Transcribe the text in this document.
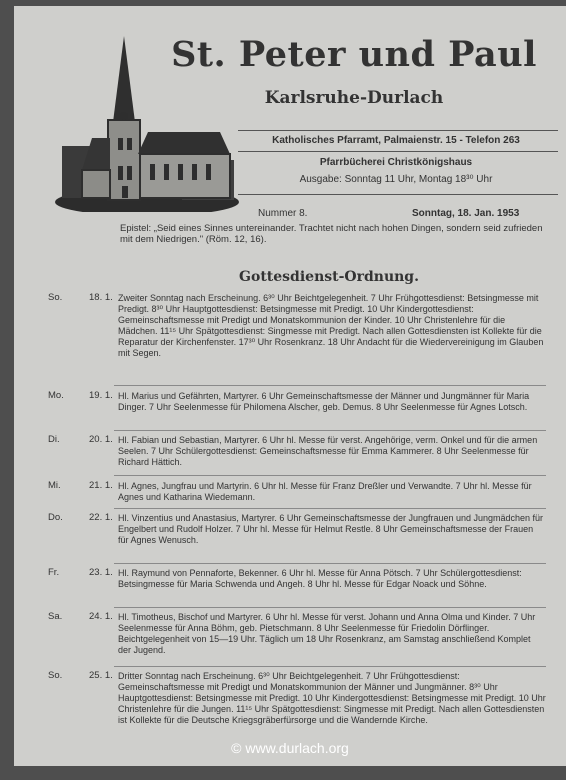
St. Peter und Paul
Karlsruhe-Durlach
Katholisches Pfarramt, Palmaienstr. 15 - Telefon 263
Pfarrbücherei Christkönigshaus
Ausgabe: Sonntag 11 Uhr, Montag 18³⁰ Uhr
Nummer 8.	Sonntag, 18. Jan. 1953
Epistel: „Seid eines Sinnes untereinander. Trachtet nicht nach hohen Dingen, sondern seid zufrieden mit dem Niedrigen." (Röm. 12, 16).
Gottesdienst-Ordnung.
So.	18. 1. Zweiter Sonntag nach Erscheinung. 6³⁰ Uhr Beichtgelegenheit. 7 Uhr Frühgottesdienst: Betsingmesse mit Predigt. 8³⁰ Uhr Hauptgottesdienst: Betsingmesse mit Predigt. 10 Uhr Kindergottesdienst: Gemeinschaftsmesse mit Predigt und Monatskommunion der Kinder. 10 Uhr Christenlehre für die Mädchen. 11¹⁵ Uhr Spätgottesdienst: Singmesse mit Predigt. Nach allen Gottesdiensten ist Kollekte für die Reparatur der Kirchenfenster. 17³⁰ Uhr Rosenkranz. 18 Uhr Andacht für die Wiedervereinigung im Glauben mit Segen.
Mo.	19. 1. Hl. Marius und Gefährten, Martyrer. 6 Uhr Gemeinschaftsmesse der Männer und Jungmänner für Maria Dinger. 7 Uhr Seelenmesse für Philomena Alscher, geb. Demus. 8 Uhr Seelenmesse für Agnes Lotsch.
Di.	20. 1. Hl. Fabian und Sebastian, Martyrer. 6 Uhr hl. Messe für verst. Angehörige, verm. Onkel und für die armen Seelen. 7 Uhr Schülergottesdienst: Gemeinschaftsmesse für Emma Kammerer. 8 Uhr Seelenmesse für Richard Hättich.
Mi.	21. 1. Hl. Agnes, Jungfrau und Martyrin. 6 Uhr hl. Messe für Franz Dreßler und Verwandte. 7 Uhr hl. Messe für Agnes und Katharina Wiedemann.
Do.	22. 1. Hl. Vinzentius und Anastasius, Martyrer. 6 Uhr Gemeinschaftsmesse der Jungfrauen und Jungmädchen für Engelbert und Rudolf Holzer. 7 Uhr hl. Messe für Helmut Restle. 8 Uhr Gemeinschaftsmesse der Frauen für Agnes Wenusch.
Fr.	23. 1. Hl. Raymund von Pennaforte, Bekenner. 6 Uhr hl. Messe für Anna Pötsch. 7 Uhr Schülergottesdienst: Betsingmesse für Maria Schwenda und Angeh. 8 Uhr hl. Messe für Edgar Noack und Söhne.
Sa.	24. 1. Hl. Timotheus, Bischof und Martyrer. 6 Uhr hl. Messe für verst. Johann und Anna Olma und Kinder. 7 Uhr Seelenmesse für Anna Böhm, geb. Pietschmann. 8 Uhr Seelenmesse für Friedolin Dörflinger. Beichtgelegenheit von 15—19 Uhr. Täglich um 18 Uhr Rosenkranz, am Samstag anschließend Komplet der Jugend.
So.	25. 1. Dritter Sonntag nach Erscheinung. 6³⁰ Uhr Beichtgelegenheit. 7 Uhr Frühgottesdienst: Gemeinschaftsmesse mit Predigt und Monatskommunion der Männer und Jungmänner. 8³⁰ Uhr Hauptgottesdienst: Betsingmesse mit Predigt. 10 Uhr Kindergottesdienst: Betsingmesse mit Predigt. 10 Uhr Christenlehre für die Jungen. 11¹⁵ Uhr Spätgottesdienst: Singmesse mit Predigt. Nach allen Gottesdiensten ist Kollekte für die Deutsche Kriegsgräberfürsorge und die Wandernde Kirche.
© www.durlach.org
